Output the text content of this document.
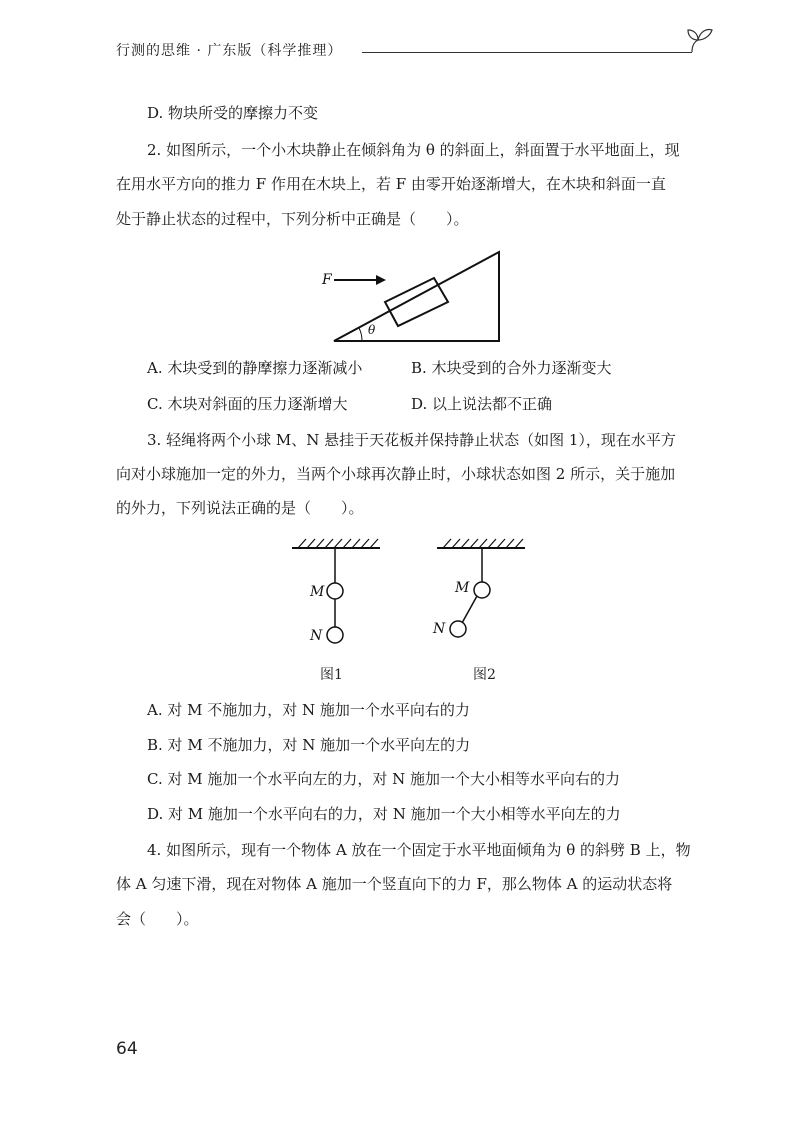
行测的思维 · 广东版（科学推理）
D. 物块所受的摩擦力不变
2. 如图所示，一个小木块静止在倾斜角为 θ 的斜面上，斜面置于水平地面上，现
在用水平方向的推力 F 作用在木块上，若 F 由零开始逐渐增大，在木块和斜面一直
处于静止状态的过程中，下列分析中正确是（　　）。
F
θ
A. 木块受到的静摩擦力逐渐减小	B. 木块受到的合外力逐渐变大
C. 木块对斜面的压力逐渐增大	D. 以上说法都不正确
3. 轻绳将两个小球 M、N 悬挂于天花板并保持静止状态（如图 1），现在水平方
向对小球施加一定的外力，当两个小球再次静止时，小球状态如图 2 所示，关于施加
的外力，下列说法正确的是（　　）。
M
N
图1
M
N
图2
A. 对 M 不施加力，对 N 施加一个水平向右的力
B. 对 M 不施加力，对 N 施加一个水平向左的力
C. 对 M 施加一个水平向左的力，对 N 施加一个大小相等水平向右的力
D. 对 M 施加一个水平向右的力，对 N 施加一个大小相等水平向左的力
4. 如图所示，现有一个物体 A 放在一个固定于水平地面倾角为 θ 的斜劈 B 上，物
体 A 匀速下滑，现在对物体 A 施加一个竖直向下的力 F，那么物体 A 的运动状态将
会（　　）。
64
